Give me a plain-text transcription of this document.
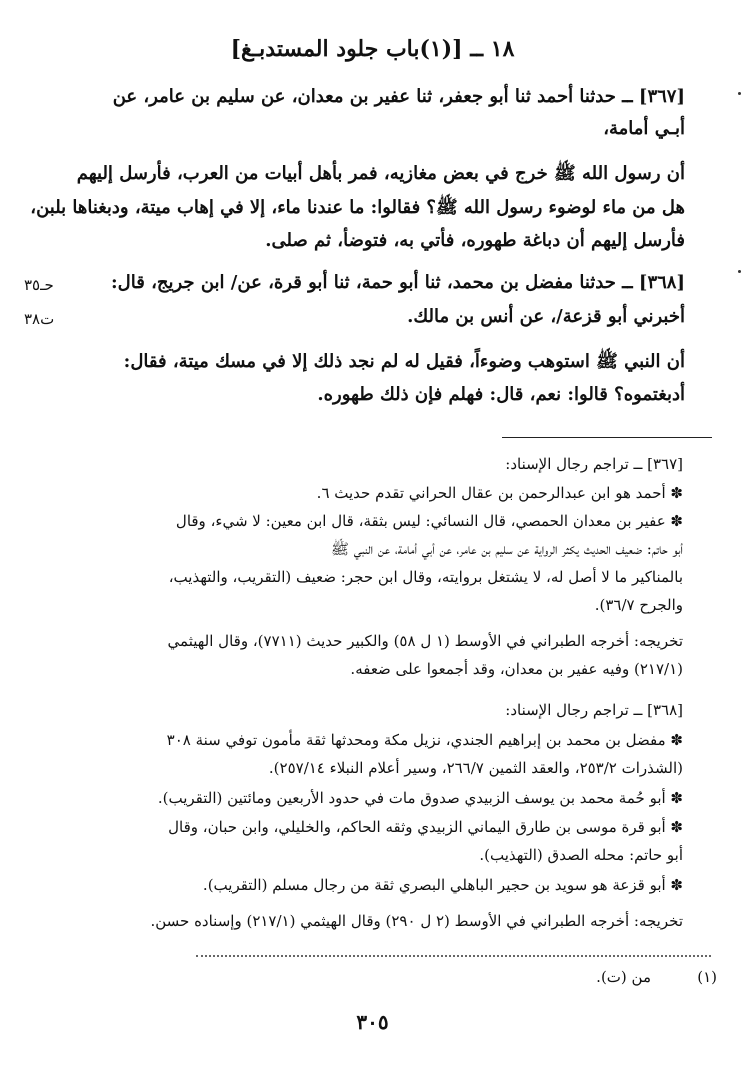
١٨ ــ [(١)باب جلود المستدبـغ]
[٣٦٧] ــ حدثنا أحمد ثنا أبو جعفر، ثنا عفير بن معدان، عن سليم بن عامر، عن
أبـي أمامة،
أن رسول الله ﷺ خرج في بعض مغازيه، فمر بأهل أبيات من العرب، فأرسل إليهم
هل من ماء لوضوء رسول الله ﷺ؟ فقالوا: ما عندنا ماء، إلا في إهاب ميتة، ودبغناها بلبن،
فأرسل إليهم أن دباغة طهوره، فأتي به، فتوضأ، ثم صلى.
[٣٦٨] ــ حدثنا مفضل بن محمد، ثنا أبو حمة، ثنا أبو قرة، عن/ ابن جريج، قال:
أخبرني أبو قزعة/، عن أنس بن مالك.
حـ٣٥
ت٣٨
أن النبي ﷺ استوهب وضوءاً، فقيل له لم نجد ذلك إلا في مسك ميتة، فقال:
أدبغتموه؟ قالوا: نعم، قال: فهلم فإن ذلك طهوره.
[٣٦٧] ــ تراجم رجال الإسناد:
✽ أحمد هو ابن عبدالرحمن بن عقال الحراني تقدم حديث ٦.
✽ عفير بن معدان الحمصي، قال النسائي: ليس بثقة، قال ابن معين: لا شيء، وقال
أبو حاتم: ضعيف الحديث يكثر الرواية عن سليم بن عامر، عن أبي أمامة، عن النبي ﷺ
بالمناكير ما لا أصل له، لا يشتغل بروايته، وقال ابن حجر: ضعيف (التقريب، والتهذيب،
والجرح ٣٦/٧).
تخريجه: أخرجه الطبراني في الأوسط (١ ل ٥٨) والكبير حديث (٧٧١١)، وقال الهيثمي
(٢١٧/١) وفيه عفير بن معدان، وقد أجمعوا على ضعفه.
[٣٦٨] ــ تراجم رجال الإسناد:
✽ مفضل بن محمد بن إبراهيم الجندي، نزيل مكة ومحدثها ثقة مأمون توفي سنة ٣٠٨
(الشذرات ٢٥٣/٢، والعقد الثمين ٢٦٦/٧، وسير أعلام النبلاء ٢٥٧/١٤).
✽ أبو حُمة محمد بن يوسف الزبيدي صدوق مات في حدود الأربعين ومائتين (التقريب).
✽ أبو قرة موسى بن طارق اليماني الزبيدي وثقه الحاكم، والخليلي، وابن حبان، وقال
أبو حاتم: محله الصدق (التهذيب).
✽ أبو قزعة هو سويد بن حجير الباهلي البصري ثقة من رجال مسلم (التقريب).
تخريجه: أخرجه الطبراني في الأوسط (٢ ل ٢٩٠) وقال الهيثمي (٢١٧/١) وإسناده حسن.
(١)
من (ت).
٣٠٥
